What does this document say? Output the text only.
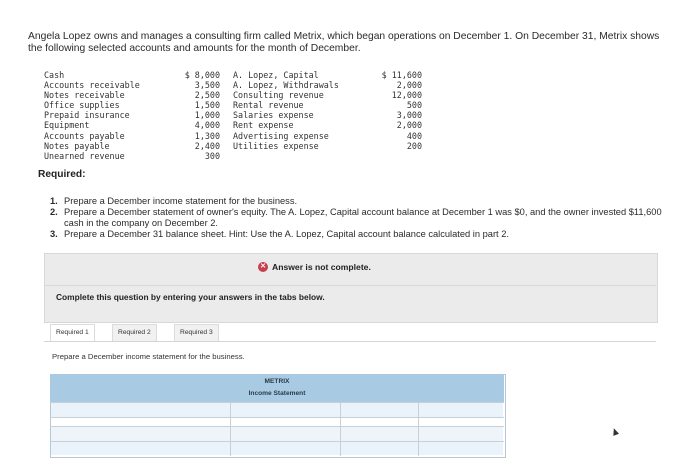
Angela Lopez owns and manages a consulting firm called Metrix, which began operations on December 1. On December 31, Metrix shows the following selected accounts and amounts for the month of December.
Cash
Accounts receivable
Notes receivable
Office supplies
Prepaid insurance
Equipment
Accounts payable
Notes payable
Unearned revenue
$ 8,000
3,500
2,500
1,500
1,000
4,000
1,300
2,400
300
A. Lopez, Capital
A. Lopez, Withdrawals
Consulting revenue
Rental revenue
Salaries expense
Rent expense
Advertising expense
Utilities expense
$ 11,600
2,000
12,000
500
3,000
2,000
400
200
Required:
1. Prepare a December income statement for the business.
2. Prepare a December statement of owner's equity. The A. Lopez, Capital account balance at December 1 was $0, and the owner invested $11,600 cash in the company on December 2.
3. Prepare a December 31 balance sheet. Hint: Use the A. Lopez, Capital account balance calculated in part 2.
✕ Answer is not complete.
Complete this question by entering your answers in the tabs below.
Required 1	Required 2	Required 3
Prepare a December income statement for the business.
METRIX
Income Statement
